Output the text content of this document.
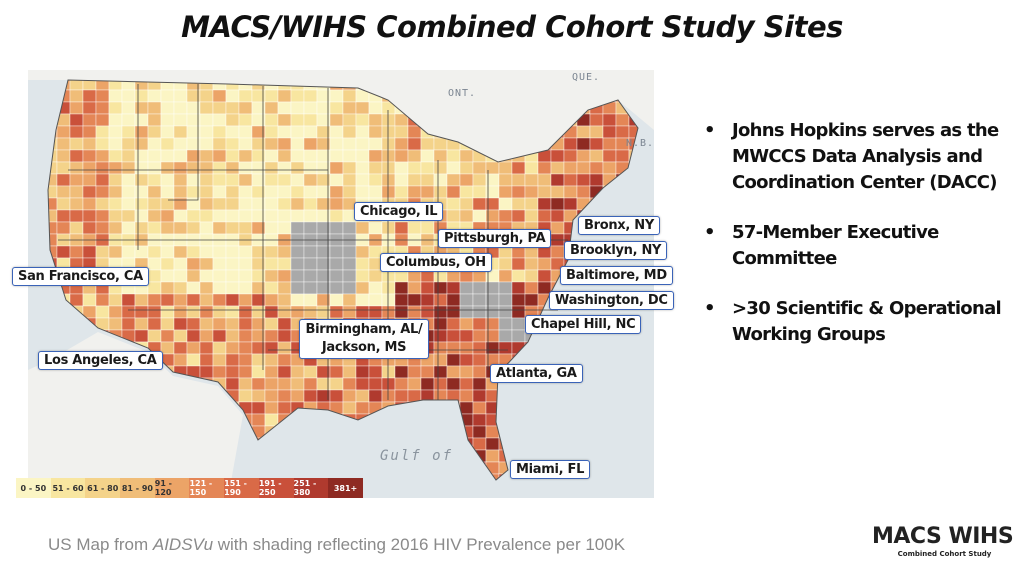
MACS/WIHS Combined Cohort Study Sites
QUE.
ONT.
N.B.
Gulf of
Chicago, IL
Bronx, NY
Pittsburgh, PA
Brooklyn, NY
Columbus, OH
Baltimore, MD
San Francisco, CA
Washington, DC
Chapel Hill, NC
Birmingham, AL/ Jackson, MS
Los Angeles, CA
Atlanta, GA
Miami, FL
0 - 50 51 - 60 61 - 80 81 - 90 91 - 120
121 - 150
151 - 190
191 - 250
251 - 380	381+
• Johns Hopkins serves as the MWCCS Data Analysis and Coordination Center (DACC)
• 57-Member Executive Committee
• >30 Scientific & Operational Working Groups
US Map from AIDSVu with shading reflecting 2016 HIV Prevalence per 100K	MACS WIHS
Combined Cohort Study
